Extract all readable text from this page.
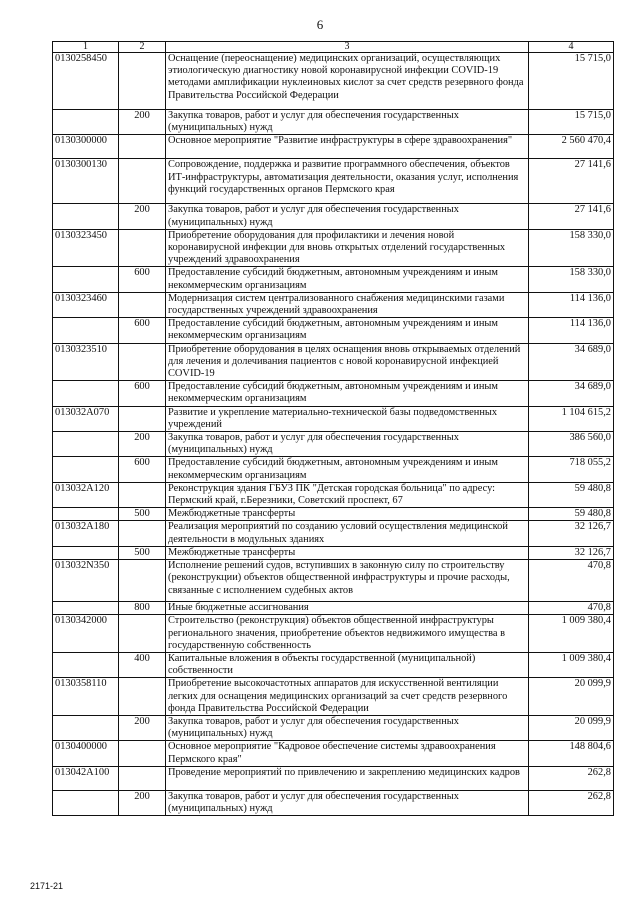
6
1	2	3	4
0130258450		Оснащение (переоснащение) медицинских организаций, осуществляющих этиологическую диагностику новой коронавирусной инфекции COVID-19 методами амплификации нуклеиновых кислот за счет средств резервного фонда Правительства Российской Федерации	15 715,0
	200	Закупка товаров, работ и услуг для обеспечения государственных (муниципальных) нужд	15 715,0
0130300000		Основное мероприятие "Развитие инфраструктуры в сфере здравоохранения"	2 560 470,4
0130300130		Сопровождение, поддержка и развитие программного обеспечения, объектов ИТ-инфраструктуры, автоматизация деятельности, оказания услуг, исполнения функций государственных органов Пермского края	27 141,6
	200	Закупка товаров, работ и услуг для обеспечения государственных (муниципальных) нужд	27 141,6
0130323450		Приобретение оборудования для профилактики и лечения новой коронавирусной инфекции для вновь открытых отделений государственных учреждений здравоохранения	158 330,0
	600	Предоставление субсидий бюджетным, автономным учреждениям и иным некоммерческим организациям	158 330,0
0130323460		Модернизация систем централизованного снабжения медицинскими газами государственных учреждений здравоохранения	114 136,0
	600	Предоставление субсидий бюджетным, автономным учреждениям и иным некоммерческим организациям	114 136,0
0130323510		Приобретение оборудования в целях оснащения вновь открываемых отделений для лечения и долечивания пациентов с новой коронавирусной инфекцией COVID-19	34 689,0
	600	Предоставление субсидий бюджетным, автономным учреждениям и иным некоммерческим организациям	34 689,0
013032A070		Развитие и укрепление материально-технической базы подведомственных учреждений	1 104 615,2
	200	Закупка товаров, работ и услуг для обеспечения государственных (муниципальных) нужд	386 560,0
	600	Предоставление субсидий бюджетным, автономным учреждениям и иным некоммерческим организациям	718 055,2
013032A120		Реконструкция здания ГБУЗ ПК "Детская городская больница" по адресу: Пермский край, г.Березники, Советский проспект, 67	59 480,8
	500	Межбюджетные трансферты	59 480,8
013032A180		Реализация мероприятий по созданию условий осуществления медицинской деятельности в модульных зданиях	32 126,7
	500	Межбюджетные трансферты	32 126,7
013032N350		Исполнение решений судов, вступивших в законную силу по строительству (реконструкции) объектов общественной инфраструктуры и прочие расходы, связанные с исполнением судебных актов	470,8
	800	Иные бюджетные ассигнования	470,8
0130342000		Строительство (реконструкция) объектов общественной инфраструктуры регионального значения, приобретение объектов недвижимого имущества в государственную собственность	1 009 380,4
	400	Капитальные вложения в объекты государственной (муниципальной) собственности	1 009 380,4
0130358110		Приобретение высокочастотных аппаратов для искусственной вентиляции легких для оснащения медицинских организаций за счет средств резервного фонда Правительства Российской Федерации	20 099,9
	200	Закупка товаров, работ и услуг для обеспечения государственных (муниципальных) нужд	20 099,9
0130400000		Основное мероприятие "Кадровое обеспечение системы здравоохранения Пермского края"	148 804,6
013042A100		Проведение мероприятий по привлечению и закреплению медицинских кадров	262,8
	200	Закупка товаров, работ и услуг для обеспечения государственных (муниципальных) нужд	262,8
2171-21
